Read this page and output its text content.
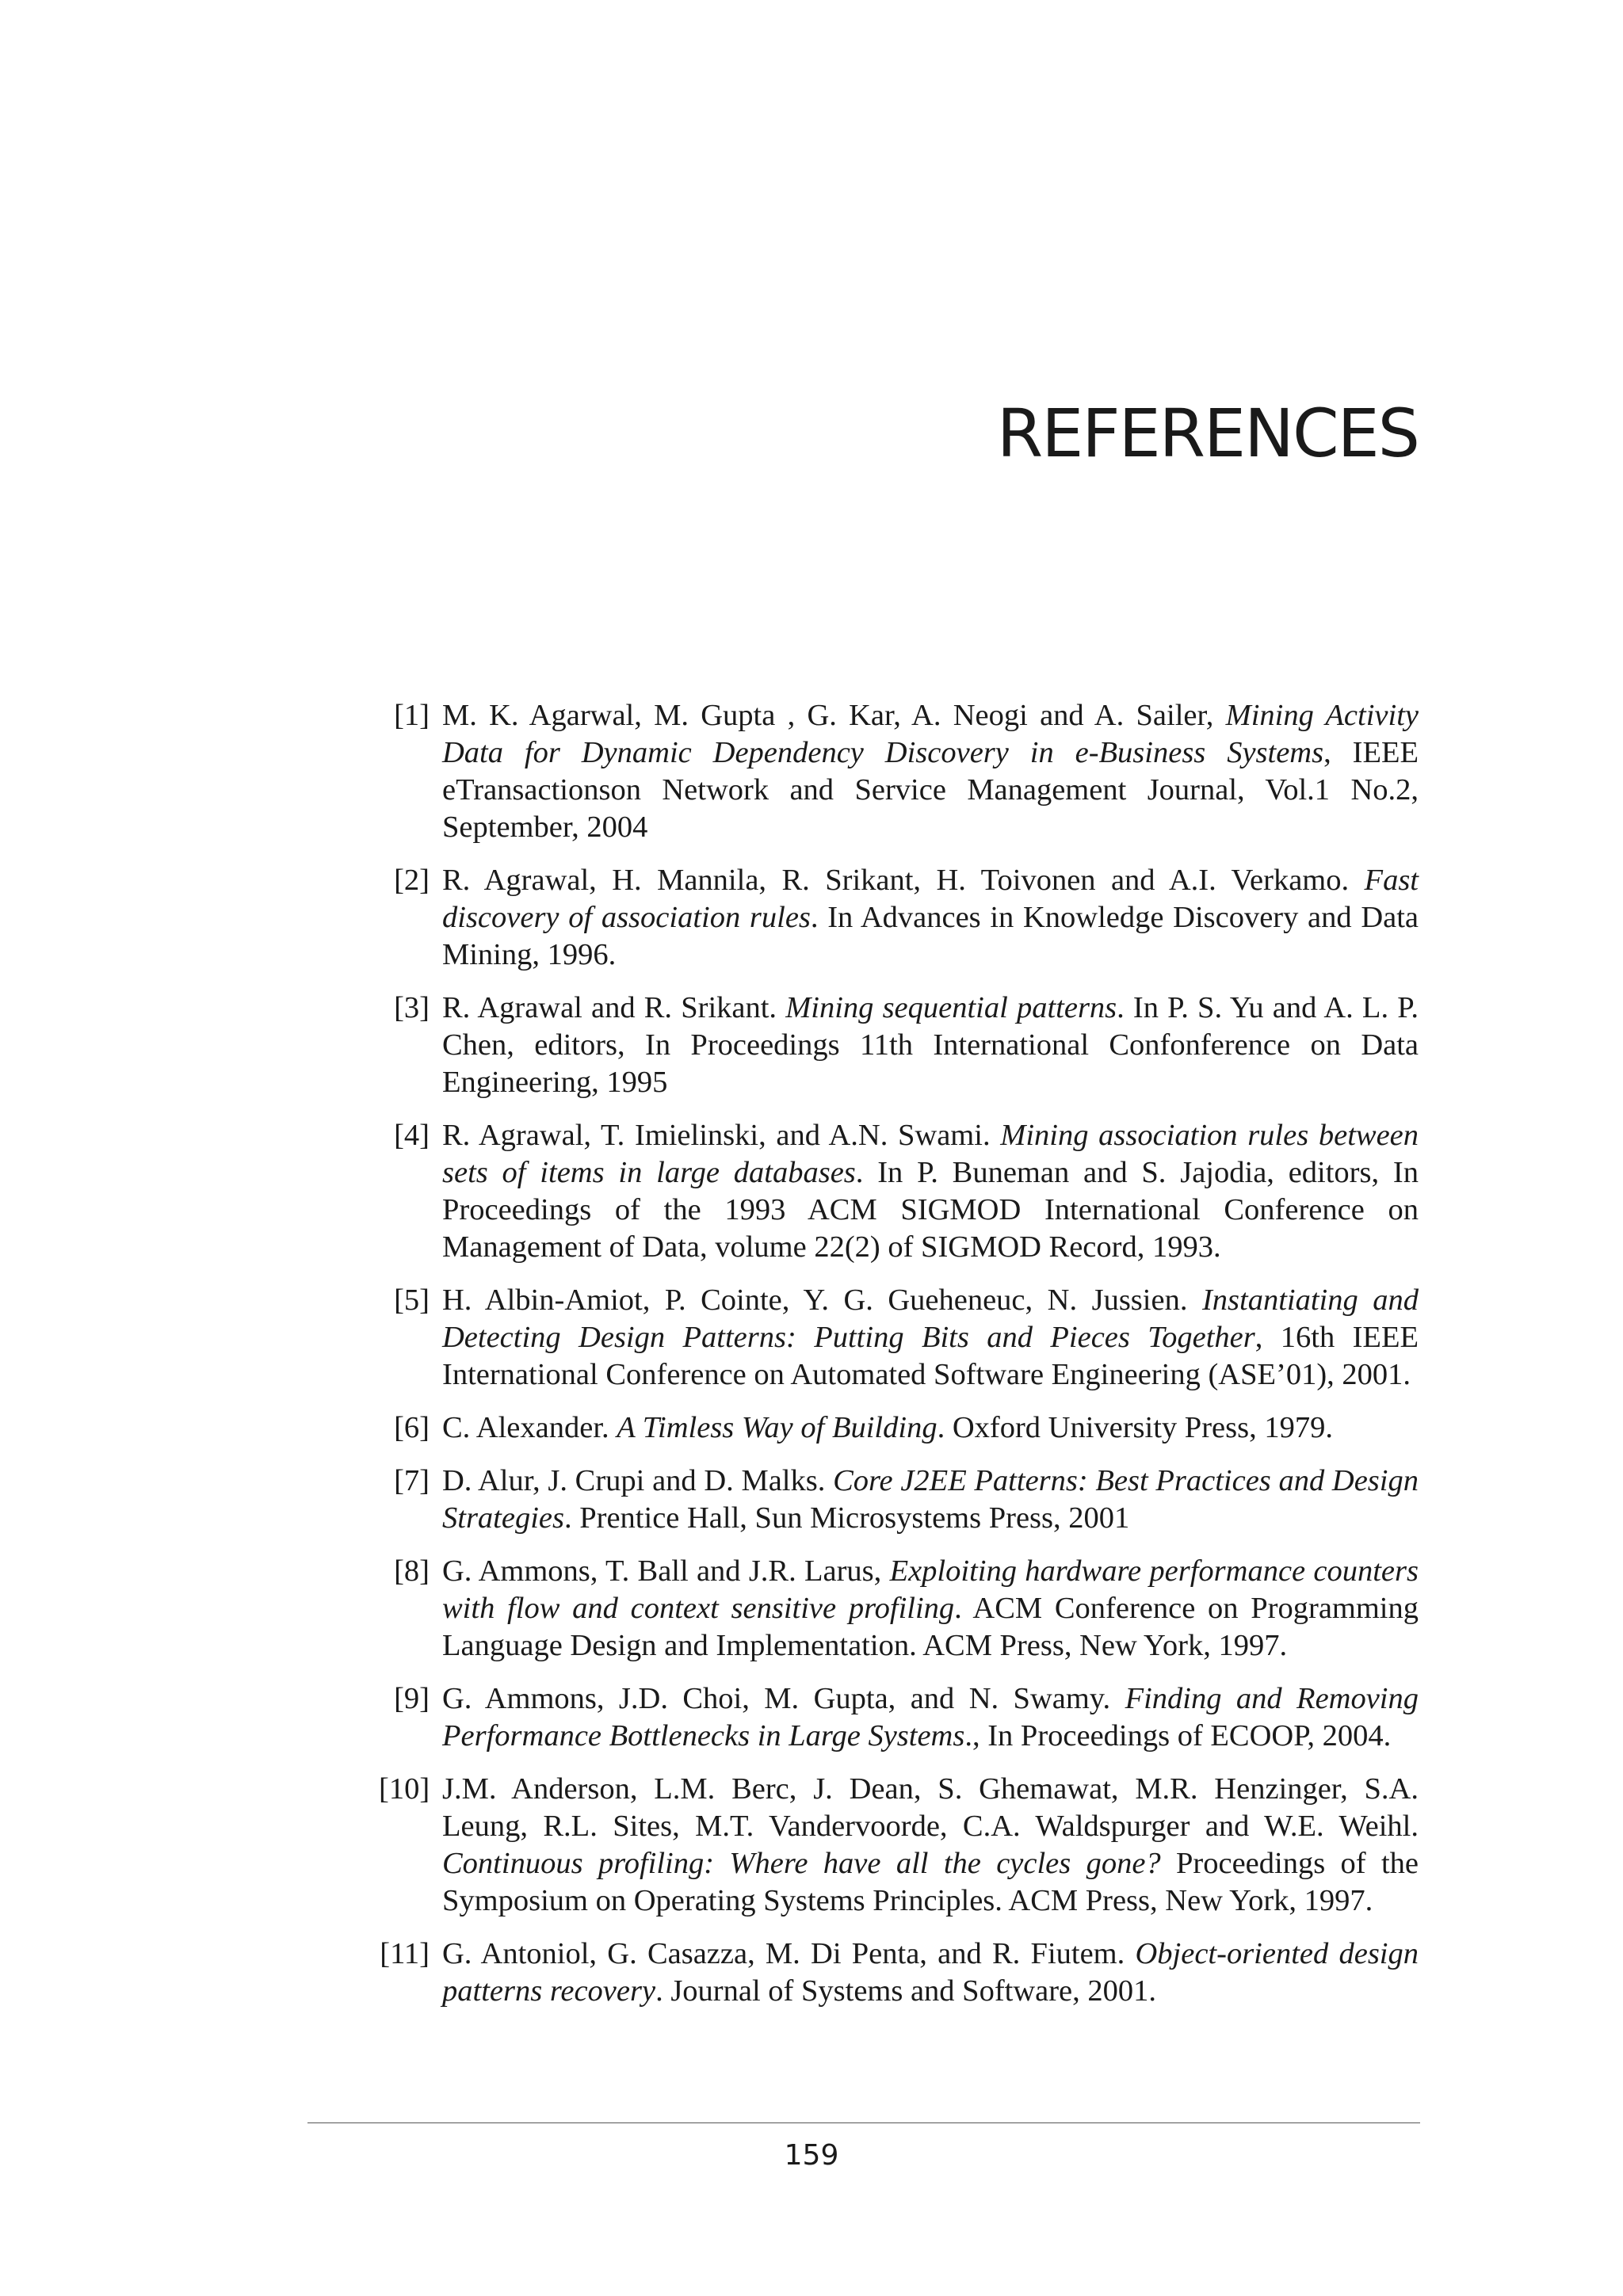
REFERENCES
[1] M. K. Agarwal, M. Gupta , G. Kar, A. Neogi and A. Sailer, Mining Activity Data for Dynamic Dependency Discovery in e-Business Systems, IEEE eTransactionson Network and Service Management Journal, Vol.1 No.2, September, 2004
[2] R. Agrawal, H. Mannila, R. Srikant, H. Toivonen and A.I. Verkamo. Fast discovery of association rules. In Advances in Knowledge Discovery and Data Mining, 1996.
[3] R. Agrawal and R. Srikant. Mining sequential patterns. In P. S. Yu and A. L. P. Chen, editors, In Proceedings 11th International Confonference on Data Engineering, 1995
[4] R. Agrawal, T. Imielinski, and A.N. Swami. Mining association rules between sets of items in large databases. In P. Buneman and S. Jajodia, editors, In Proceedings of the 1993 ACM SIGMOD International Conference on Management of Data, volume 22(2) of SIGMOD Record, 1993.
[5] H. Albin-Amiot, P. Cointe, Y. G. Gueheneuc, N. Jussien. Instantiating and Detecting Design Patterns: Putting Bits and Pieces Together, 16th IEEE International Conference on Automated Software Engineering (ASE’01), 2001.
[6] C. Alexander. A Timless Way of Building. Oxford University Press, 1979.
[7] D. Alur, J. Crupi and D. Malks. Core J2EE Patterns: Best Practices and Design Strategies. Prentice Hall, Sun Microsystems Press, 2001
[8] G. Ammons, T. Ball and J.R. Larus, Exploiting hardware performance counters with flow and context sensitive profiling. ACM Conference on Programming Language Design and Implementation. ACM Press, New York, 1997.
[9] G. Ammons, J.D. Choi, M. Gupta, and N. Swamy. Finding and Removing Performance Bottlenecks in Large Systems., In Proceedings of ECOOP, 2004.
[10] J.M. Anderson, L.M. Berc, J. Dean, S. Ghemawat, M.R. Henzinger, S.A. Leung, R.L. Sites, M.T. Vandervoorde, C.A. Waldspurger and W.E. Weihl. Continuous profiling: Where have all the cycles gone? Proceedings of the Symposium on Operating Systems Principles. ACM Press, New York, 1997.
[11] G. Antoniol, G. Casazza, M. Di Penta, and R. Fiutem. Object-oriented design patterns recovery. Journal of Systems and Software, 2001.
159
